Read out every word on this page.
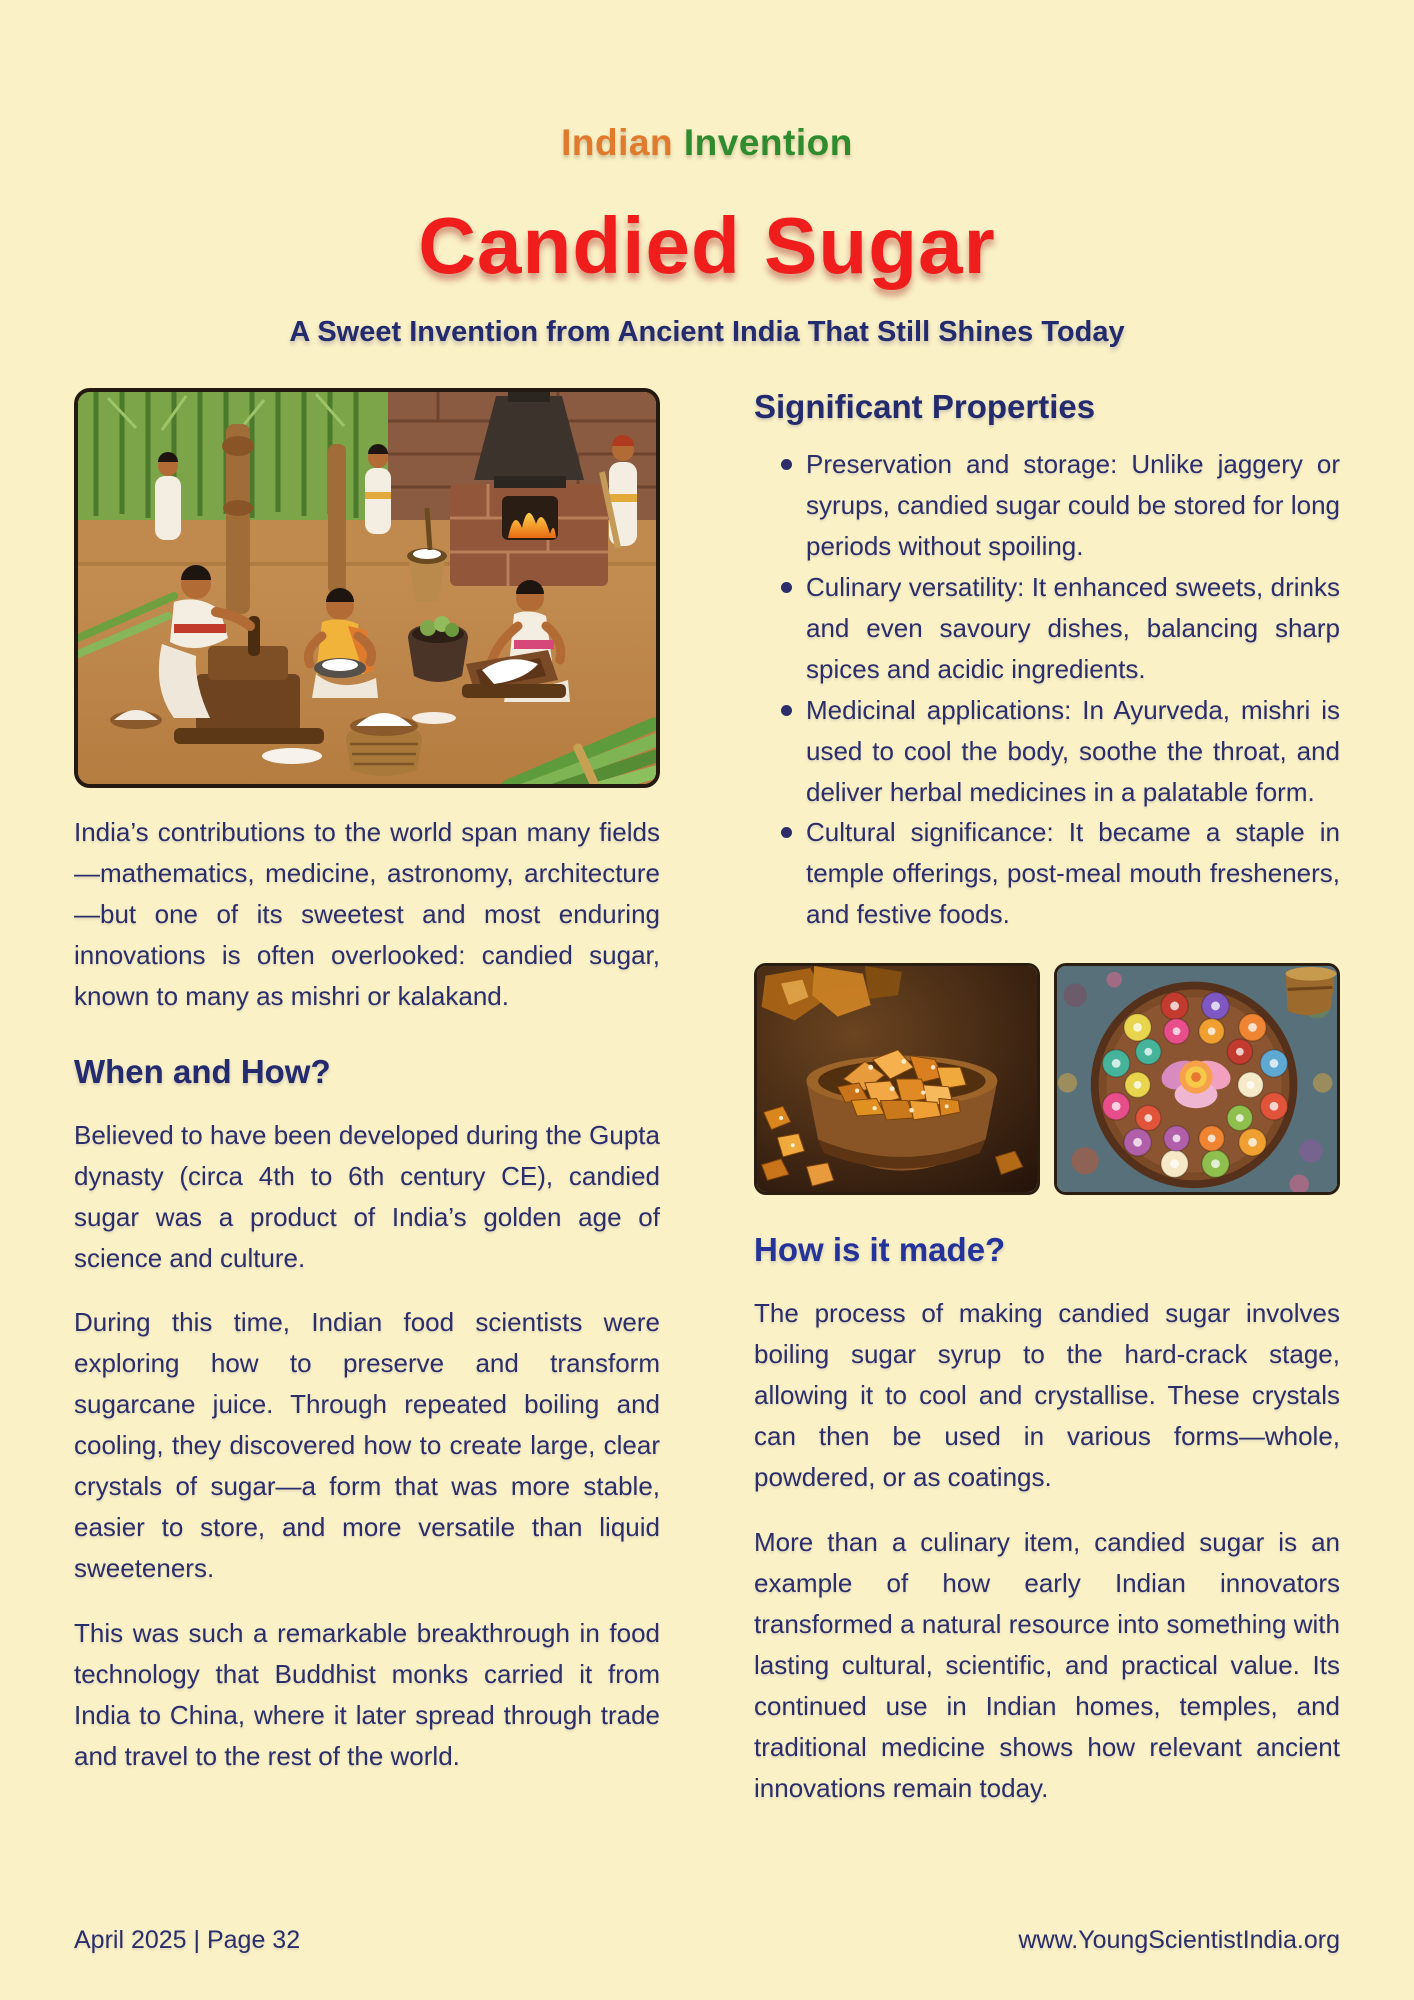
Indian Invention
Candied Sugar
A Sweet Invention from Ancient India That Still Shines Today

India’s contributions to the world span many fields—mathematics, medicine, astronomy, architecture—but one of its sweetest and most enduring innovations is often overlooked: candied sugar, known to many as mishri or kalakand.

When and How?

Believed to have been developed during the Gupta dynasty (circa 4th to 6th century CE), candied sugar was a product of India’s golden age of science and culture.

During this time, Indian food scientists were exploring how to preserve and transform sugarcane juice. Through repeated boiling and cooling, they discovered how to create large, clear crystals of sugar—a form that was more stable, easier to store, and more versatile than liquid sweeteners.

This was such a remarkable breakthrough in food technology that Buddhist monks carried it from India to China, where it later spread through trade and travel to the rest of the world.

Significant Properties
Preservation and storage: Unlike jaggery or syrups, candied sugar could be stored for long periods without spoiling.
Culinary versatility: It enhanced sweets, drinks and even savoury dishes, balancing sharp spices and acidic ingredients.
Medicinal applications: In Ayurveda, mishri is used to cool the body, soothe the throat, and deliver herbal medicines in a palatable form.
Cultural significance: It became a staple in temple offerings, post-meal mouth fresheners, and festive foods.
How is it made?

The process of making candied sugar involves boiling sugar syrup to the hard-crack stage, allowing it to cool and crystallise. These crystals can then be used in various forms—whole, powdered, or as coatings.

More than a culinary item, candied sugar is an example of how early Indian innovators transformed a natural resource into something with lasting cultural, scientific, and practical value. Its continued use in Indian homes, temples, and traditional medicine shows how relevant ancient innovations remain today.

April 2025 | Page 32	www.YoungScientistIndia.org
